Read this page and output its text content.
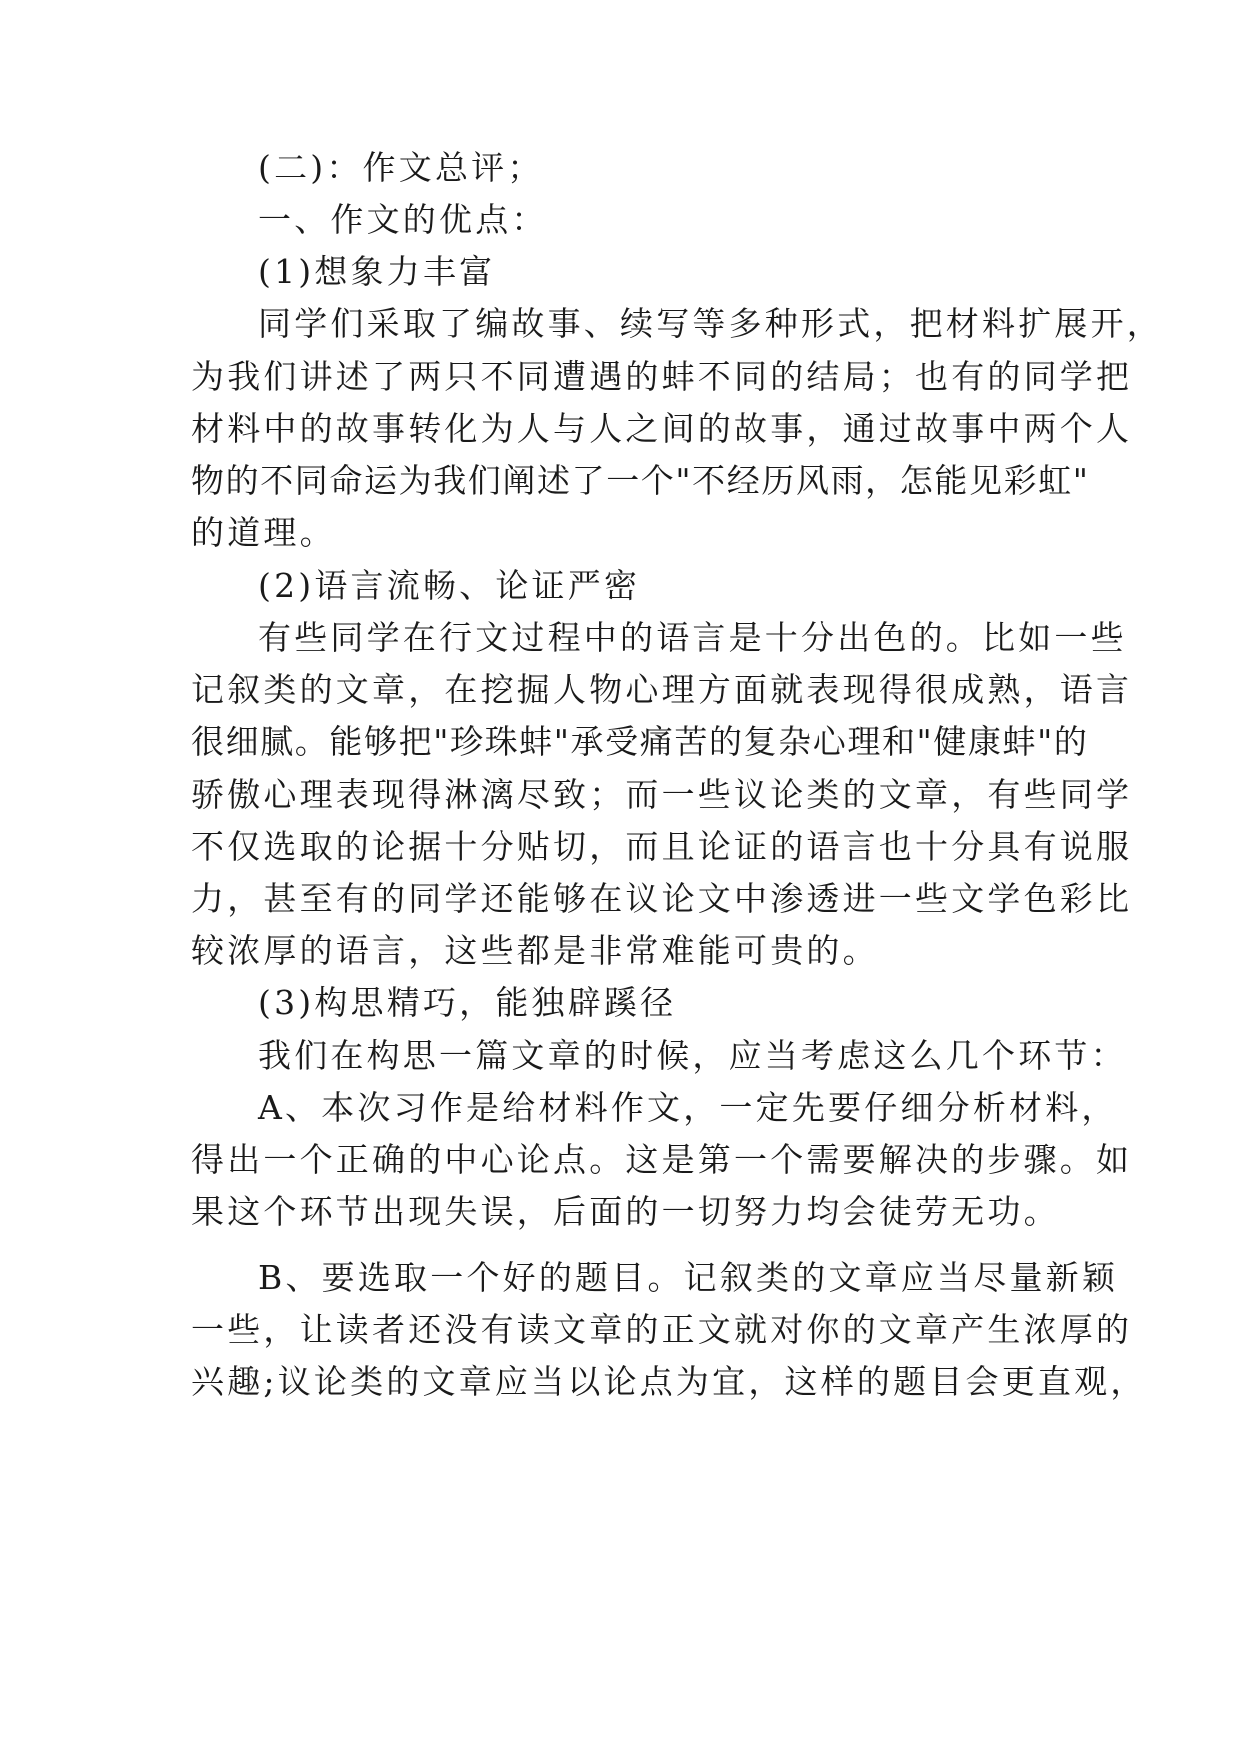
(二)：作文总评；
一、作文的优点：
(1)想象力丰富
同学们采取了编故事、续写等多种形式，把材料扩展开，
为我们讲述了两只不同遭遇的蚌不同的结局；也有的同学把
材料中的故事转化为人与人之间的故事，通过故事中两个人
物的不同命运为我们阐述了一个"不经历风雨，怎能见彩虹"
的道理。
(2)语言流畅、论证严密
有些同学在行文过程中的语言是十分出色的。比如一些
记叙类的文章，在挖掘人物心理方面就表现得很成熟，语言
很细腻。能够把"珍珠蚌"承受痛苦的复杂心理和"健康蚌"的
骄傲心理表现得淋漓尽致；而一些议论类的文章，有些同学
不仅选取的论据十分贴切，而且论证的语言也十分具有说服
力，甚至有的同学还能够在议论文中渗透进一些文学色彩比
较浓厚的语言，这些都是非常难能可贵的。
(3)构思精巧，能独辟蹊径
我们在构思一篇文章的时候，应当考虑这么几个环节：
A、本次习作是给材料作文，一定先要仔细分析材料，
得出一个正确的中心论点。这是第一个需要解决的步骤。如
果这个环节出现失误，后面的一切努力均会徒劳无功。
B、要选取一个好的题目。记叙类的文章应当尽量新颖
一些，让读者还没有读文章的正文就对你的文章产生浓厚的
兴趣;议论类的文章应当以论点为宜，这样的题目会更直观，
